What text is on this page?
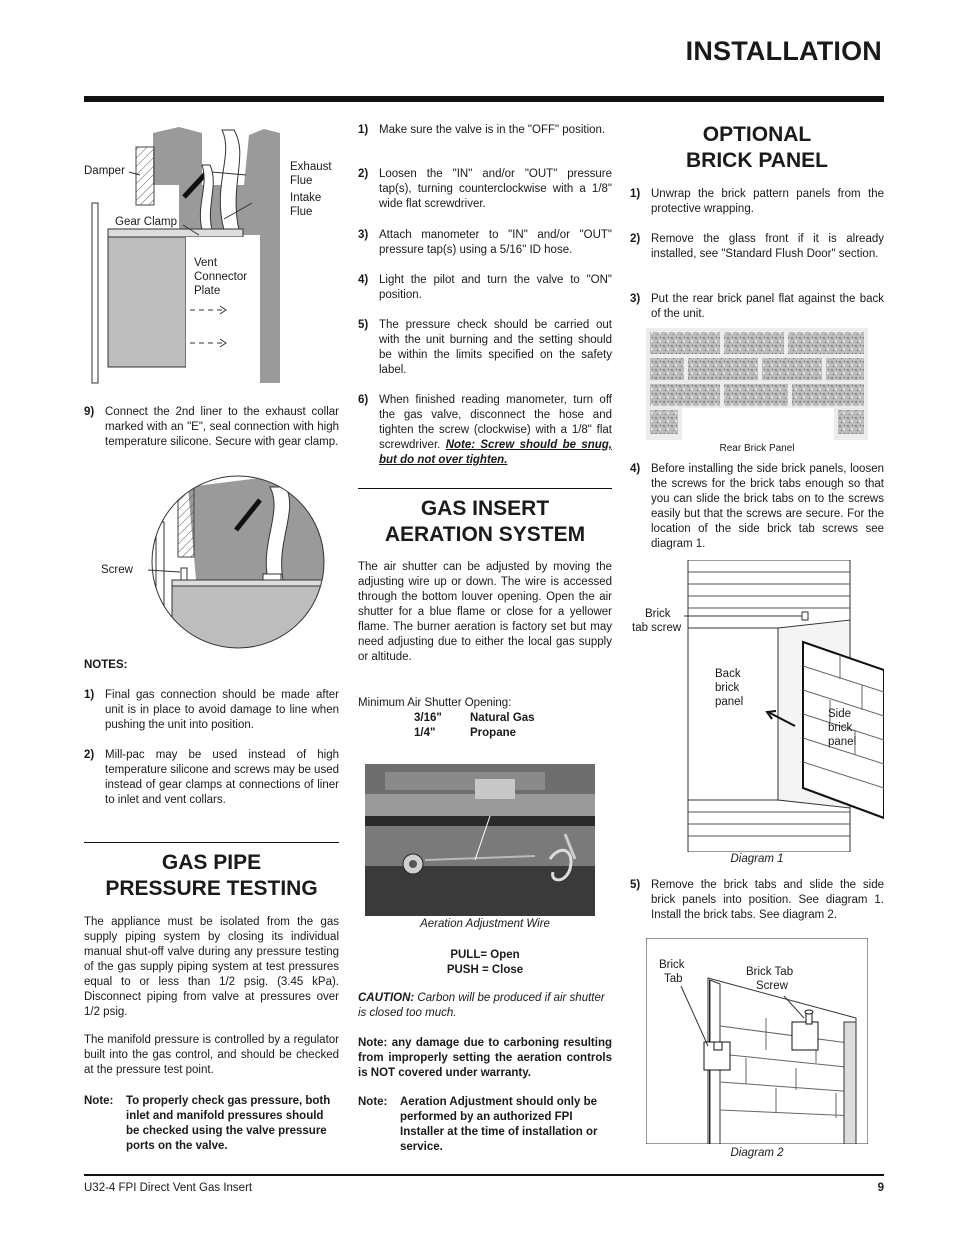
INSTALLATION
Damper	Exhaust
Flue
Intake
Flue
Gear Clamp
Vent
Connector
Plate
9) Connect the 2nd liner to the exhaust collar marked with an "E", seal connection with high temperature silicone. Secure with gear clamp.
Screw
NOTES:
1) Final gas connection should be made after unit is in place to avoid damage to line when pushing the unit into position.
2) Mill-pac may be used instead of high temperature silicone and screws may be used instead of gear clamps at connections of liner to inlet and vent collars.
GAS PIPE
PRESSURE TESTING
The appliance must be isolated from the gas supply piping system by closing its individual manual shut-off valve during any pressure testing of the gas supply piping system at test pressures equal to or less than 1/2 psig. (3.45 kPa). Disconnect piping from valve at pressures over 1/2 psig.
The manifold pressure is controlled by a regulator built into the gas control, and should be checked at the pressure test point.
Note: To properly check gas pressure, both inlet and manifold pressures should be checked using the valve pressure ports on the valve.
1) Make sure the valve is in the "OFF" position.
2) Loosen the "IN" and/or "OUT" pressure tap(s), turning counterclockwise with a 1/8" wide flat screwdriver.
3) Attach manometer to "IN" and/or "OUT" pressure tap(s) using a 5/16" ID hose.
4) Light the pilot and turn the valve to "ON" position.
5) The pressure check should be carried out with the unit burning and the setting should be within the limits specified on the safety label.
6) When finished reading manometer, turn off the gas valve, disconnect the hose and tighten the screw (clockwise) with a 1/8" flat screwdriver. Note: Screw should be snug, but do not over tighten.
GAS INSERT
AERATION SYSTEM
The air shutter can be adjusted by moving the adjusting wire up or down. The wire is accessed through the bottom louver opening. Open the air shutter for a blue flame or close for a yellower flame. The burner aeration is factory set but may need adjusting due to either the local gas supply or altitude.
Minimum Air Shutter Opening:
3/16" Natural Gas
1/4"	Propane
Aeration Adjustment Wire
PULL= Open
PUSH = Close
CAUTION: Carbon will be produced if air shutter is closed too much.
Note: any damage due to carboning resulting from improperly setting the aeration controls is NOT covered under warranty.
Note: Aeration Adjustment should only be performed by an authorized FPI Installer at the time of installation or service.
OPTIONAL
BRICK PANEL
1) Unwrap the brick pattern panels from the protective wrapping.
2) Remove the glass front if it is already installed, see "Standard Flush Door" section.
3) Put the rear brick panel flat against the back of the unit.
Rear Brick Panel
4) Before installing the side brick panels, loosen the screws for the brick tabs enough so that you can slide the brick tabs on to the screws easily but that the screws are secure. For the location of the side brick tab screws see diagram 1.
Brick
tab screw
Back
brick
panel
Side
brick
panel
Diagram 1
5) Remove the brick tabs and slide the side brick panels into position. See diagram 1. Install the brick tabs. See diagram 2.
Brick
Tab
Brick Tab
Screw
Diagram 2
U32-4 FPI Direct Vent Gas Insert	9
